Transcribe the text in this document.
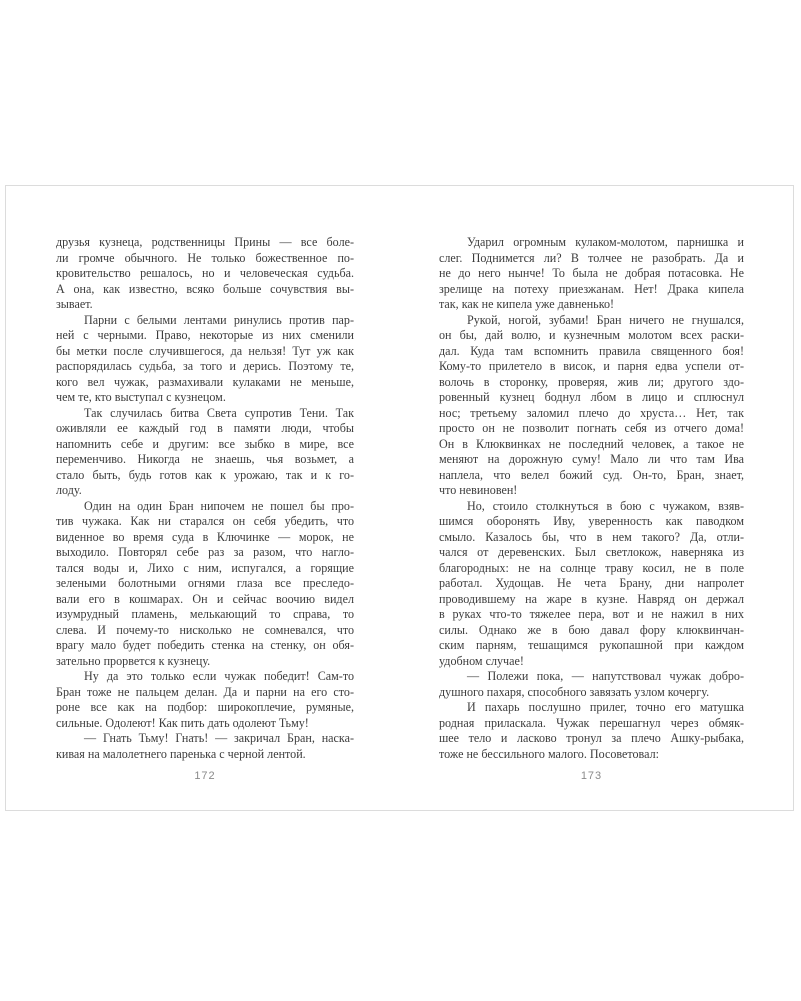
друзья кузнеца, родственницы Прины — все боле-
ли громче обычного. Не только божественное по-
кровительство решалось, но и человеческая судьба.
А она, как известно, всяко больше сочувствия вы-
зывает.
Парни с белыми лентами ринулись против пар-
ней с черными. Право, некоторые из них сменили
бы метки после случившегося, да нельзя! Тут уж как
распорядилась судьба, за того и дерись. Поэтому те,
кого вел чужак, размахивали кулаками не меньше,
чем те, кто выступал с кузнецом.
Так случилась битва Света супротив Тени. Так
оживляли ее каждый год в памяти люди, чтобы
напомнить себе и другим: все зыбко в мире, все
переменчиво. Никогда не знаешь, чья возьмет, а
стало быть, будь готов как к урожаю, так и к го-
лоду.
Один на один Бран нипочем не пошел бы про-
тив чужака. Как ни старался он себя убедить, что
виденное во время суда в Ключинке — морок, не
выходило. Повторял себе раз за разом, что нагло-
тался воды и, Лихо с ним, испугался, а горящие
зелеными болотными огнями глаза все преследо-
вали его в кошмарах. Он и сейчас воочию видел
изумрудный пламень, мелькающий то справа, то
слева. И почему-то нисколько не сомневался, что
врагу мало будет победить стенка на стенку, он обя-
зательно прорвется к кузнецу.
Ну да это только если чужак победит! Сам-то
Бран тоже не пальцем делан. Да и парни на его сто-
роне все как на подбор: широкоплечие, румяные,
сильные. Одолеют! Как пить дать одолеют Тьму!
— Гнать Тьму! Гнать! — закричал Бран, наска-
кивая на малолетнего паренька с черной лентой.
172
Ударил огромным кулаком-молотом, парнишка и
слег. Поднимется ли? В толчее не разобрать. Да и
не до него нынче! То была не добрая потасовка. Не
зрелище на потеху приезжанам. Нет! Драка кипела
так, как не кипела уже давненько!
Рукой, ногой, зубами! Бран ничего не гнушался,
он бы, дай волю, и кузнечным молотом всех раски-
дал. Куда там вспомнить правила священного боя!
Кому-то прилетело в висок, и парня едва успели от-
волочь в сторонку, проверяя, жив ли; другого здо-
ровенный кузнец боднул лбом в лицо и сплюснул
нос; третьему заломил плечо до хруста… Нет, так
просто он не позволит погнать себя из отчего дома!
Он в Клюквинках не последний человек, а такое не
меняют на дорожную суму! Мало ли что там Ива
наплела, что велел божий суд. Он-то, Бран, знает,
что невиновен!
Но, стоило столкнуться в бою с чужаком, взяв-
шимся оборонять Иву, уверенность как паводком
смыло. Казалось бы, что в нем такого? Да, отли-
чался от деревенских. Был светлокож, наверняка из
благородных: не на солнце траву косил, не в поле
работал. Худощав. Не чета Брану, дни напролет
проводившему на жаре в кузне. Навряд он держал
в руках что-то тяжелее пера, вот и не нажил в них
силы. Однако же в бою давал фору клюквинчан-
ским парням, тешащимся рукопашной при каждом
удобном случае!
— Полежи пока, — напутствовал чужак добро-
душного пахаря, способного завязать узлом кочергу.
И пахарь послушно прилег, точно его матушка
родная приласкала. Чужак перешагнул через обмяк-
шее тело и ласково тронул за плечо Ашку-рыбака,
тоже не бессильного малого. Посоветовал:
173
